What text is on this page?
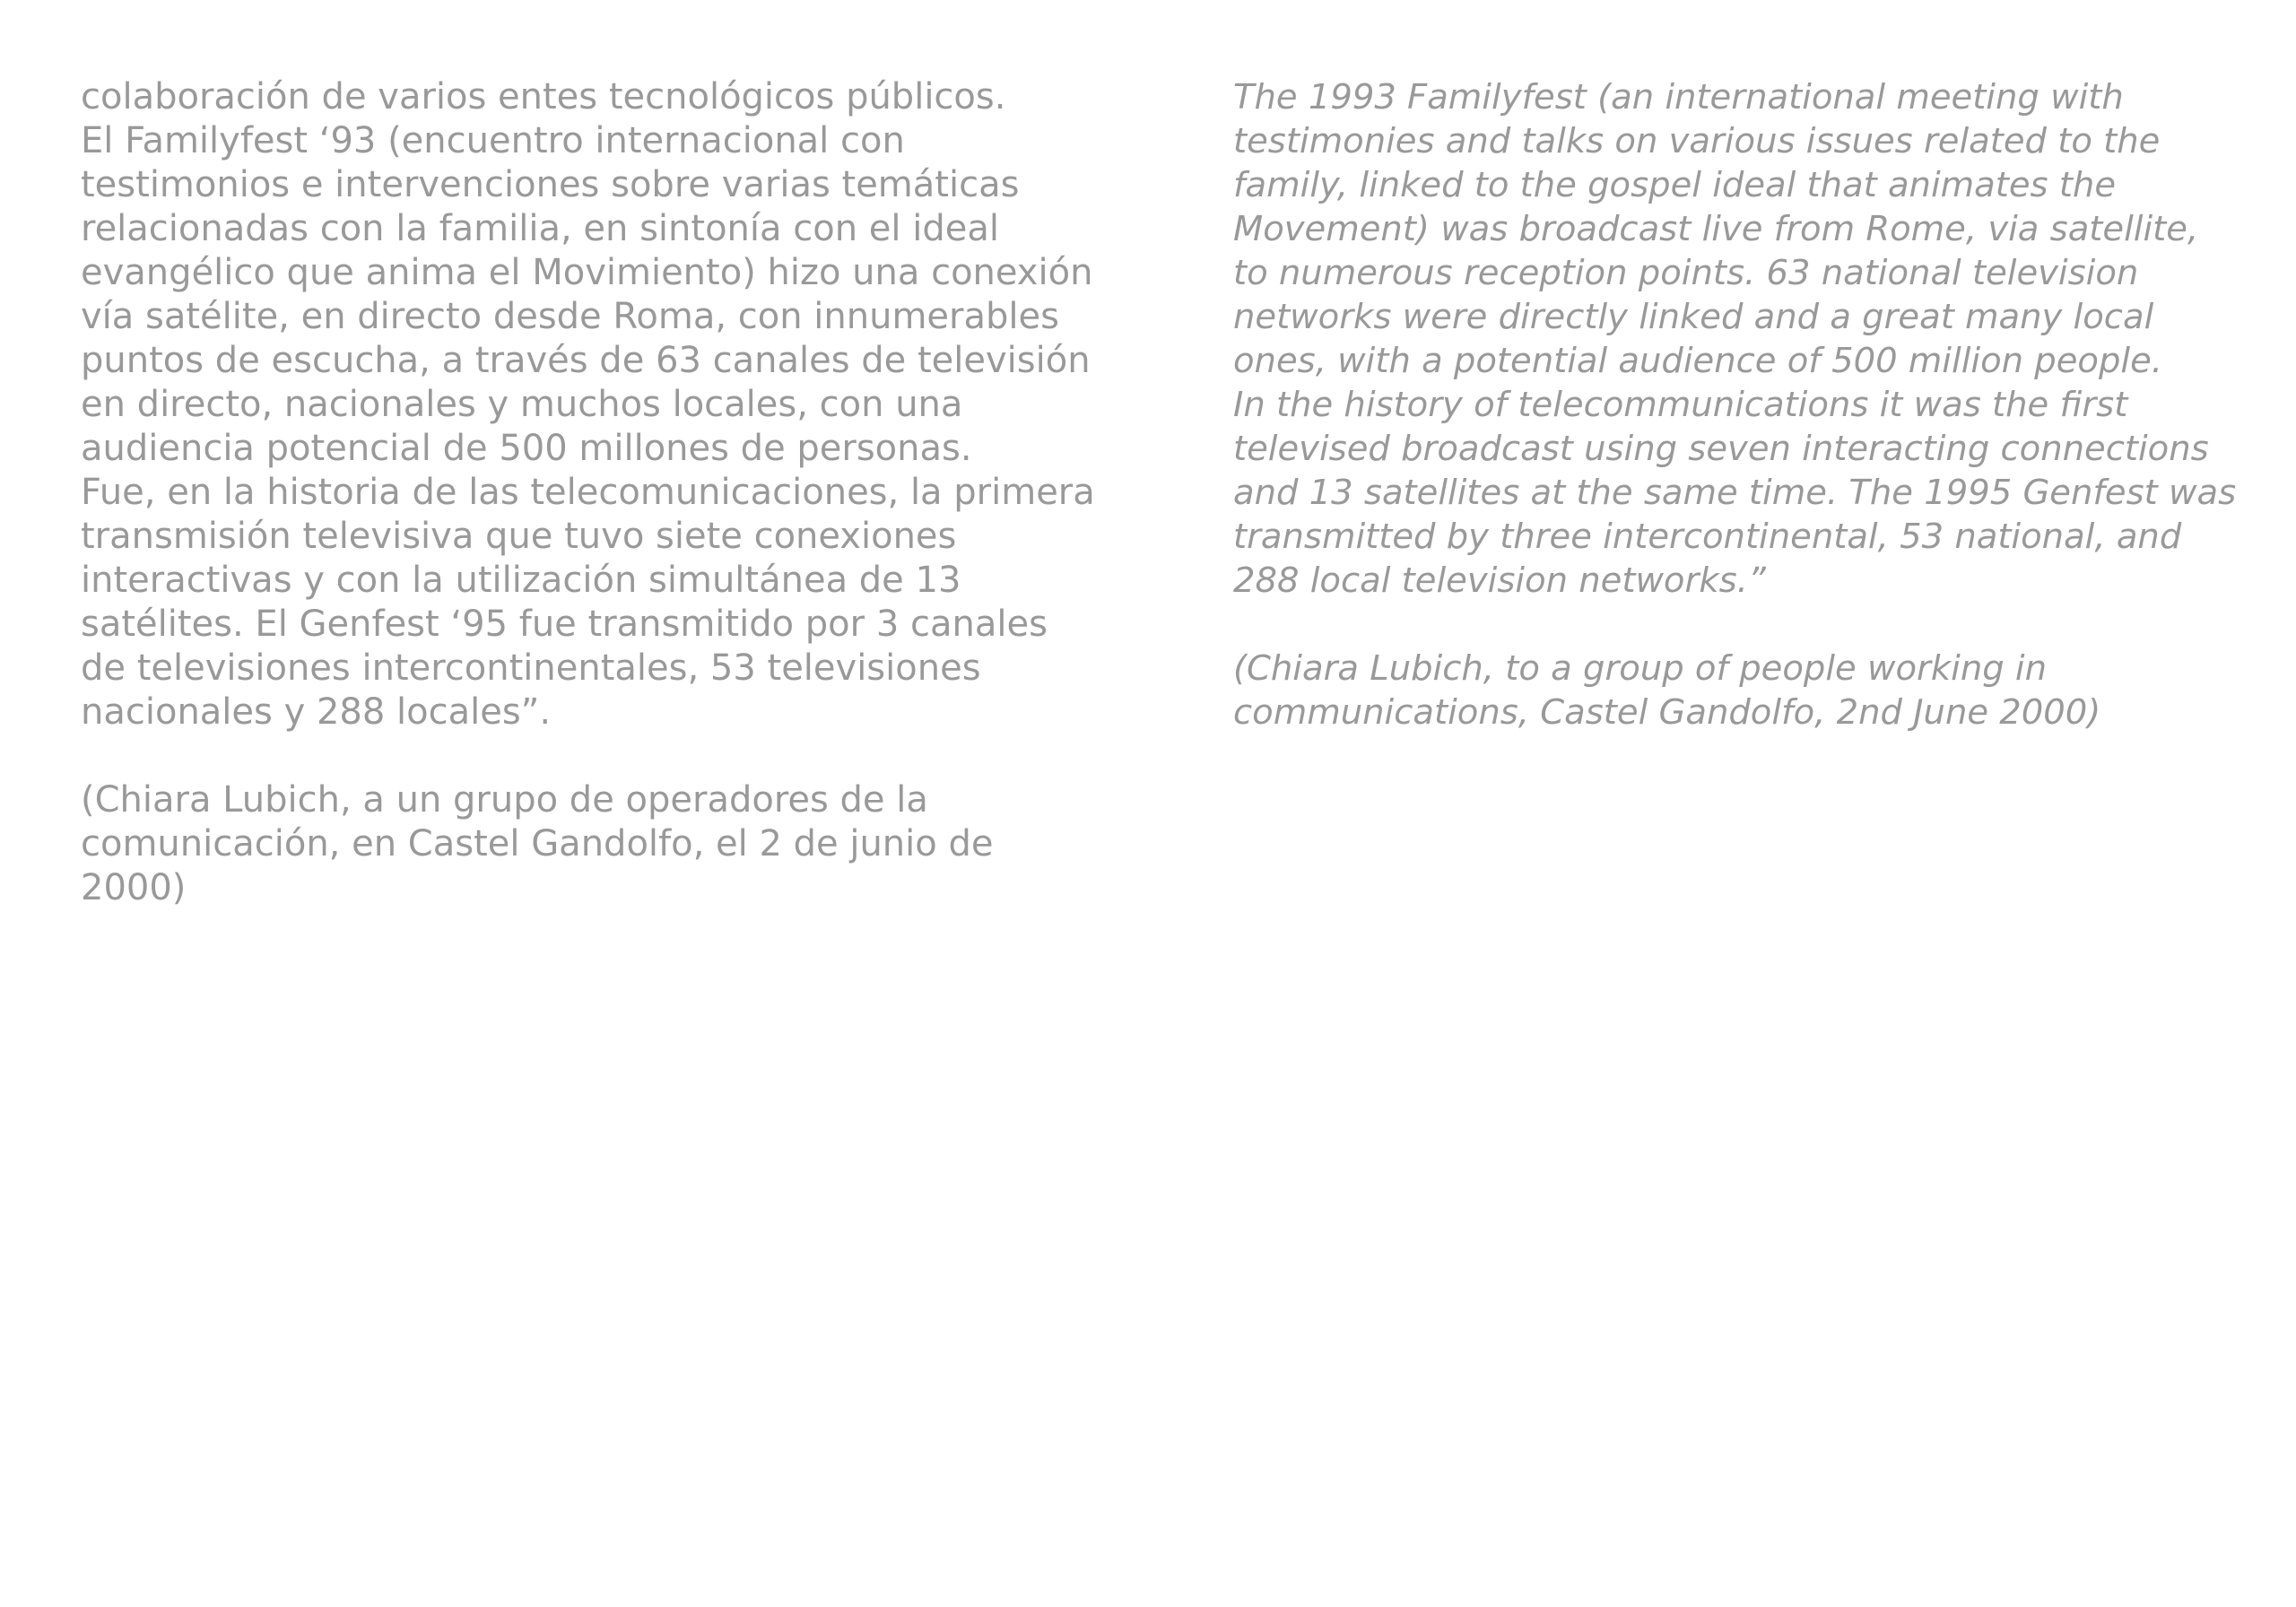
colaboración de varios entes tecnológicos públicos.
El Familyfest ‘93 (encuentro internacional con
testimonios e intervenciones sobre varias temáticas
relacionadas con la familia, en sintonía con el ideal
evangélico que anima el Movimiento) hizo una conexión
vía satélite, en directo desde Roma, con innumerables
puntos de escucha, a través de 63 canales de televisión
en directo, nacionales y muchos locales, con una
audiencia potencial de 500 millones de personas.
Fue, en la historia de las telecomunicaciones, la primera
transmisión televisiva que tuvo siete conexiones
interactivas y con la utilización simultánea de 13
satélites. El Genfest ‘95 fue transmitido por 3 canales
de televisiones intercontinentales, 53 televisiones
nacionales y 288 locales”.
(Chiara Lubich, a un grupo de operadores de la
comunicación, en Castel Gandolfo, el 2 de junio de
2000)
The 1993 Familyfest (an international meeting with
testimonies and talks on various issues related to the
family, linked to the gospel ideal that animates the
Movement) was broadcast live from Rome, via satellite,
to numerous reception points. 63 national television
networks were directly linked and a great many local
ones, with a potential audience of 500 million people.
In the history of telecommunications it was the first
televised broadcast using seven interacting connections
and 13 satellites at the same time. The 1995 Genfest was
transmitted by three intercontinental, 53 national, and
288 local television networks.”
(Chiara Lubich, to a group of people working in
communications, Castel Gandolfo, 2nd June 2000)
